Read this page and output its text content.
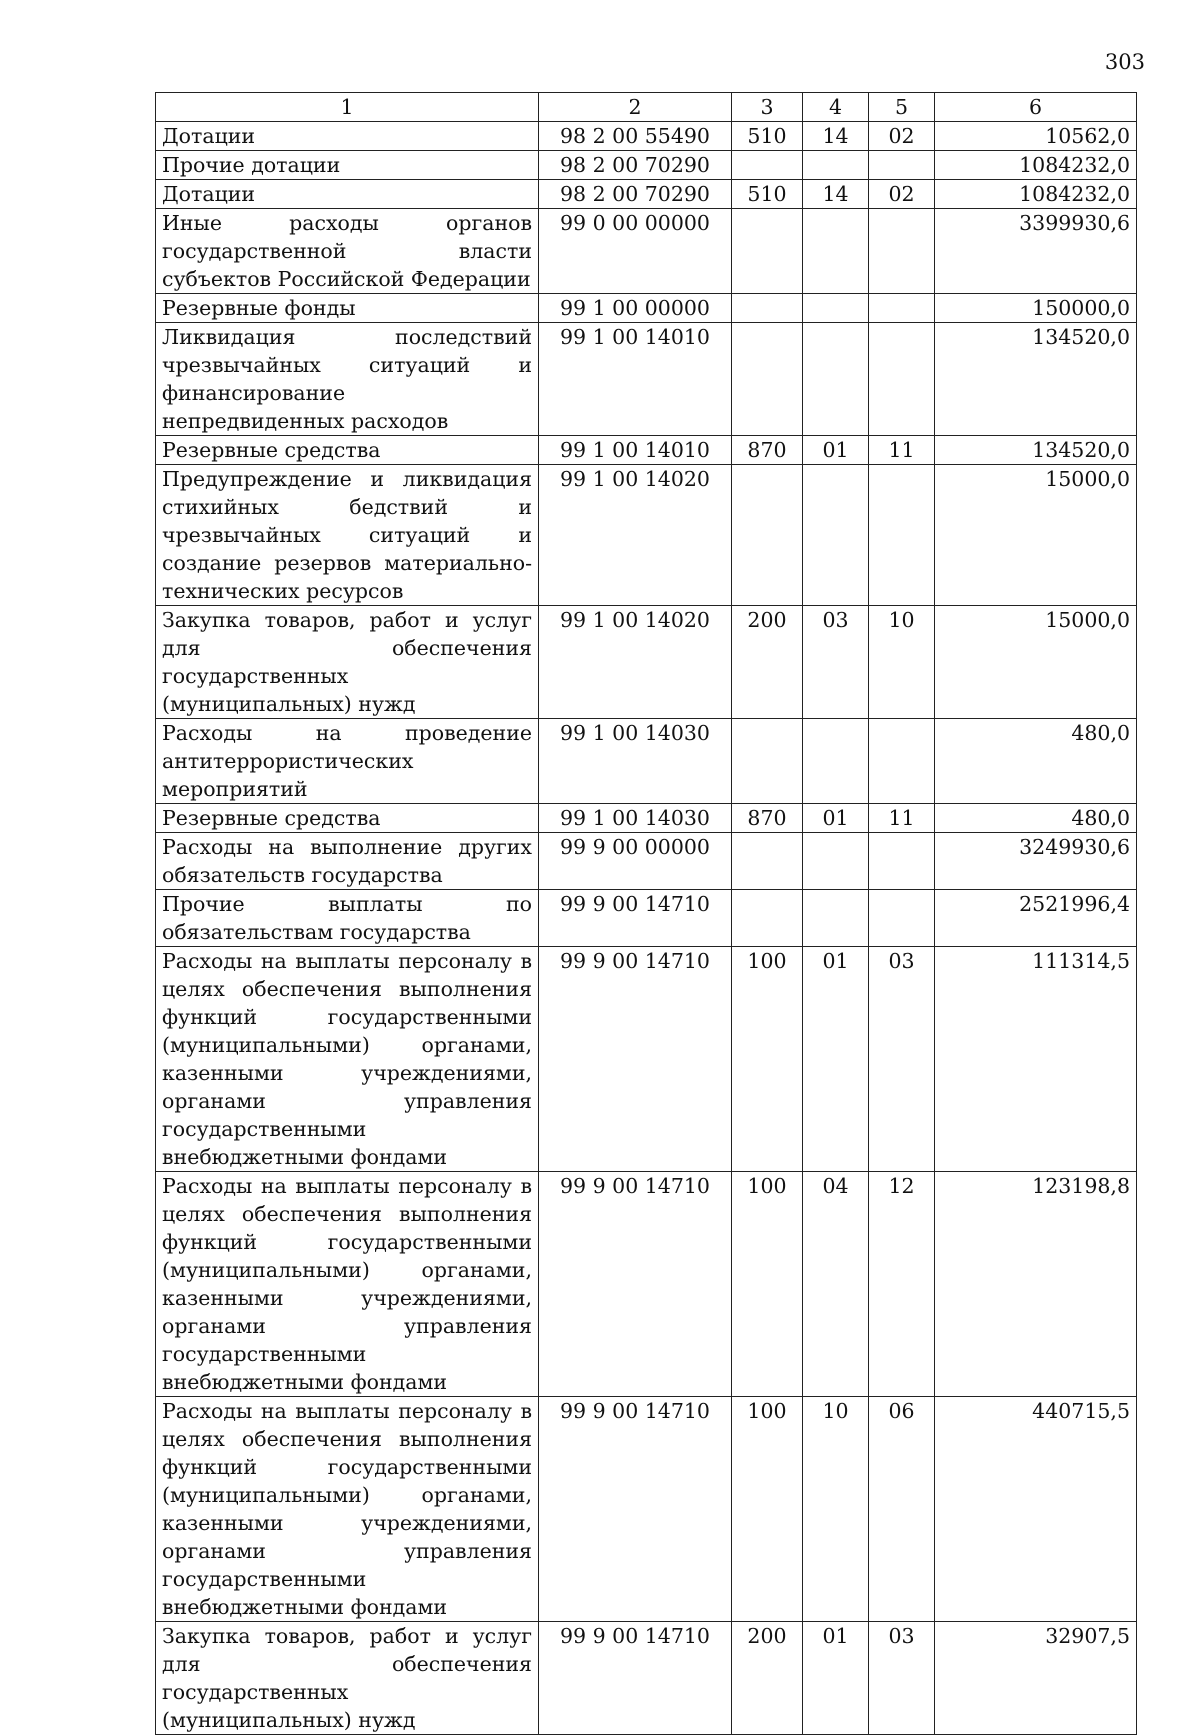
303
1	2	3	4	5	6
Дотации	98 2 00 55490	510	14	02	10562,0
Прочие дотации	98 2 00 70290				1084232,0
Дотации	98 2 00 70290	510	14	02	1084232,0
Иные расходы органов государственной власти субъектов Российской Федерации	99 0 00 00000				3399930,6
Резервные фонды	99 1 00 00000				150000,0
Ликвидация последствий чрезвычайных ситуаций и финансирование непредвиденных расходов	99 1 00 14010				134520,0
Резервные средства	99 1 00 14010	870	01	11	134520,0
Предупреждение и ликвидация стихийных бедствий и чрезвычайных ситуаций и создание резервов материально-технических ресурсов	99 1 00 14020				15000,0
Закупка товаров, работ и услуг для обеспечения государственных (муниципальных) нужд	99 1 00 14020	200	03	10	15000,0
Расходы на проведение антитеррористических мероприятий	99 1 00 14030				480,0
Резервные средства	99 1 00 14030	870	01	11	480,0
Расходы на выполнение других обязательств государства	99 9 00 00000				3249930,6
Прочие выплаты по обязательствам государства	99 9 00 14710				2521996,4
Расходы на выплаты персоналу в целях обеспечения выполнения функций государственными (муниципальными) органами, казенными учреждениями, органами управления государственными внебюджетными фондами	99 9 00 14710	100	01	03	111314,5
Расходы на выплаты персоналу в целях обеспечения выполнения функций государственными (муниципальными) органами, казенными учреждениями, органами управления государственными внебюджетными фондами	99 9 00 14710	100	04	12	123198,8
Расходы на выплаты персоналу в целях обеспечения выполнения функций государственными (муниципальными) органами, казенными учреждениями, органами управления государственными внебюджетными фондами	99 9 00 14710	100	10	06	440715,5
Закупка товаров, работ и услуг для обеспечения государственных (муниципальных) нужд	99 9 00 14710	200	01	03	32907,5
